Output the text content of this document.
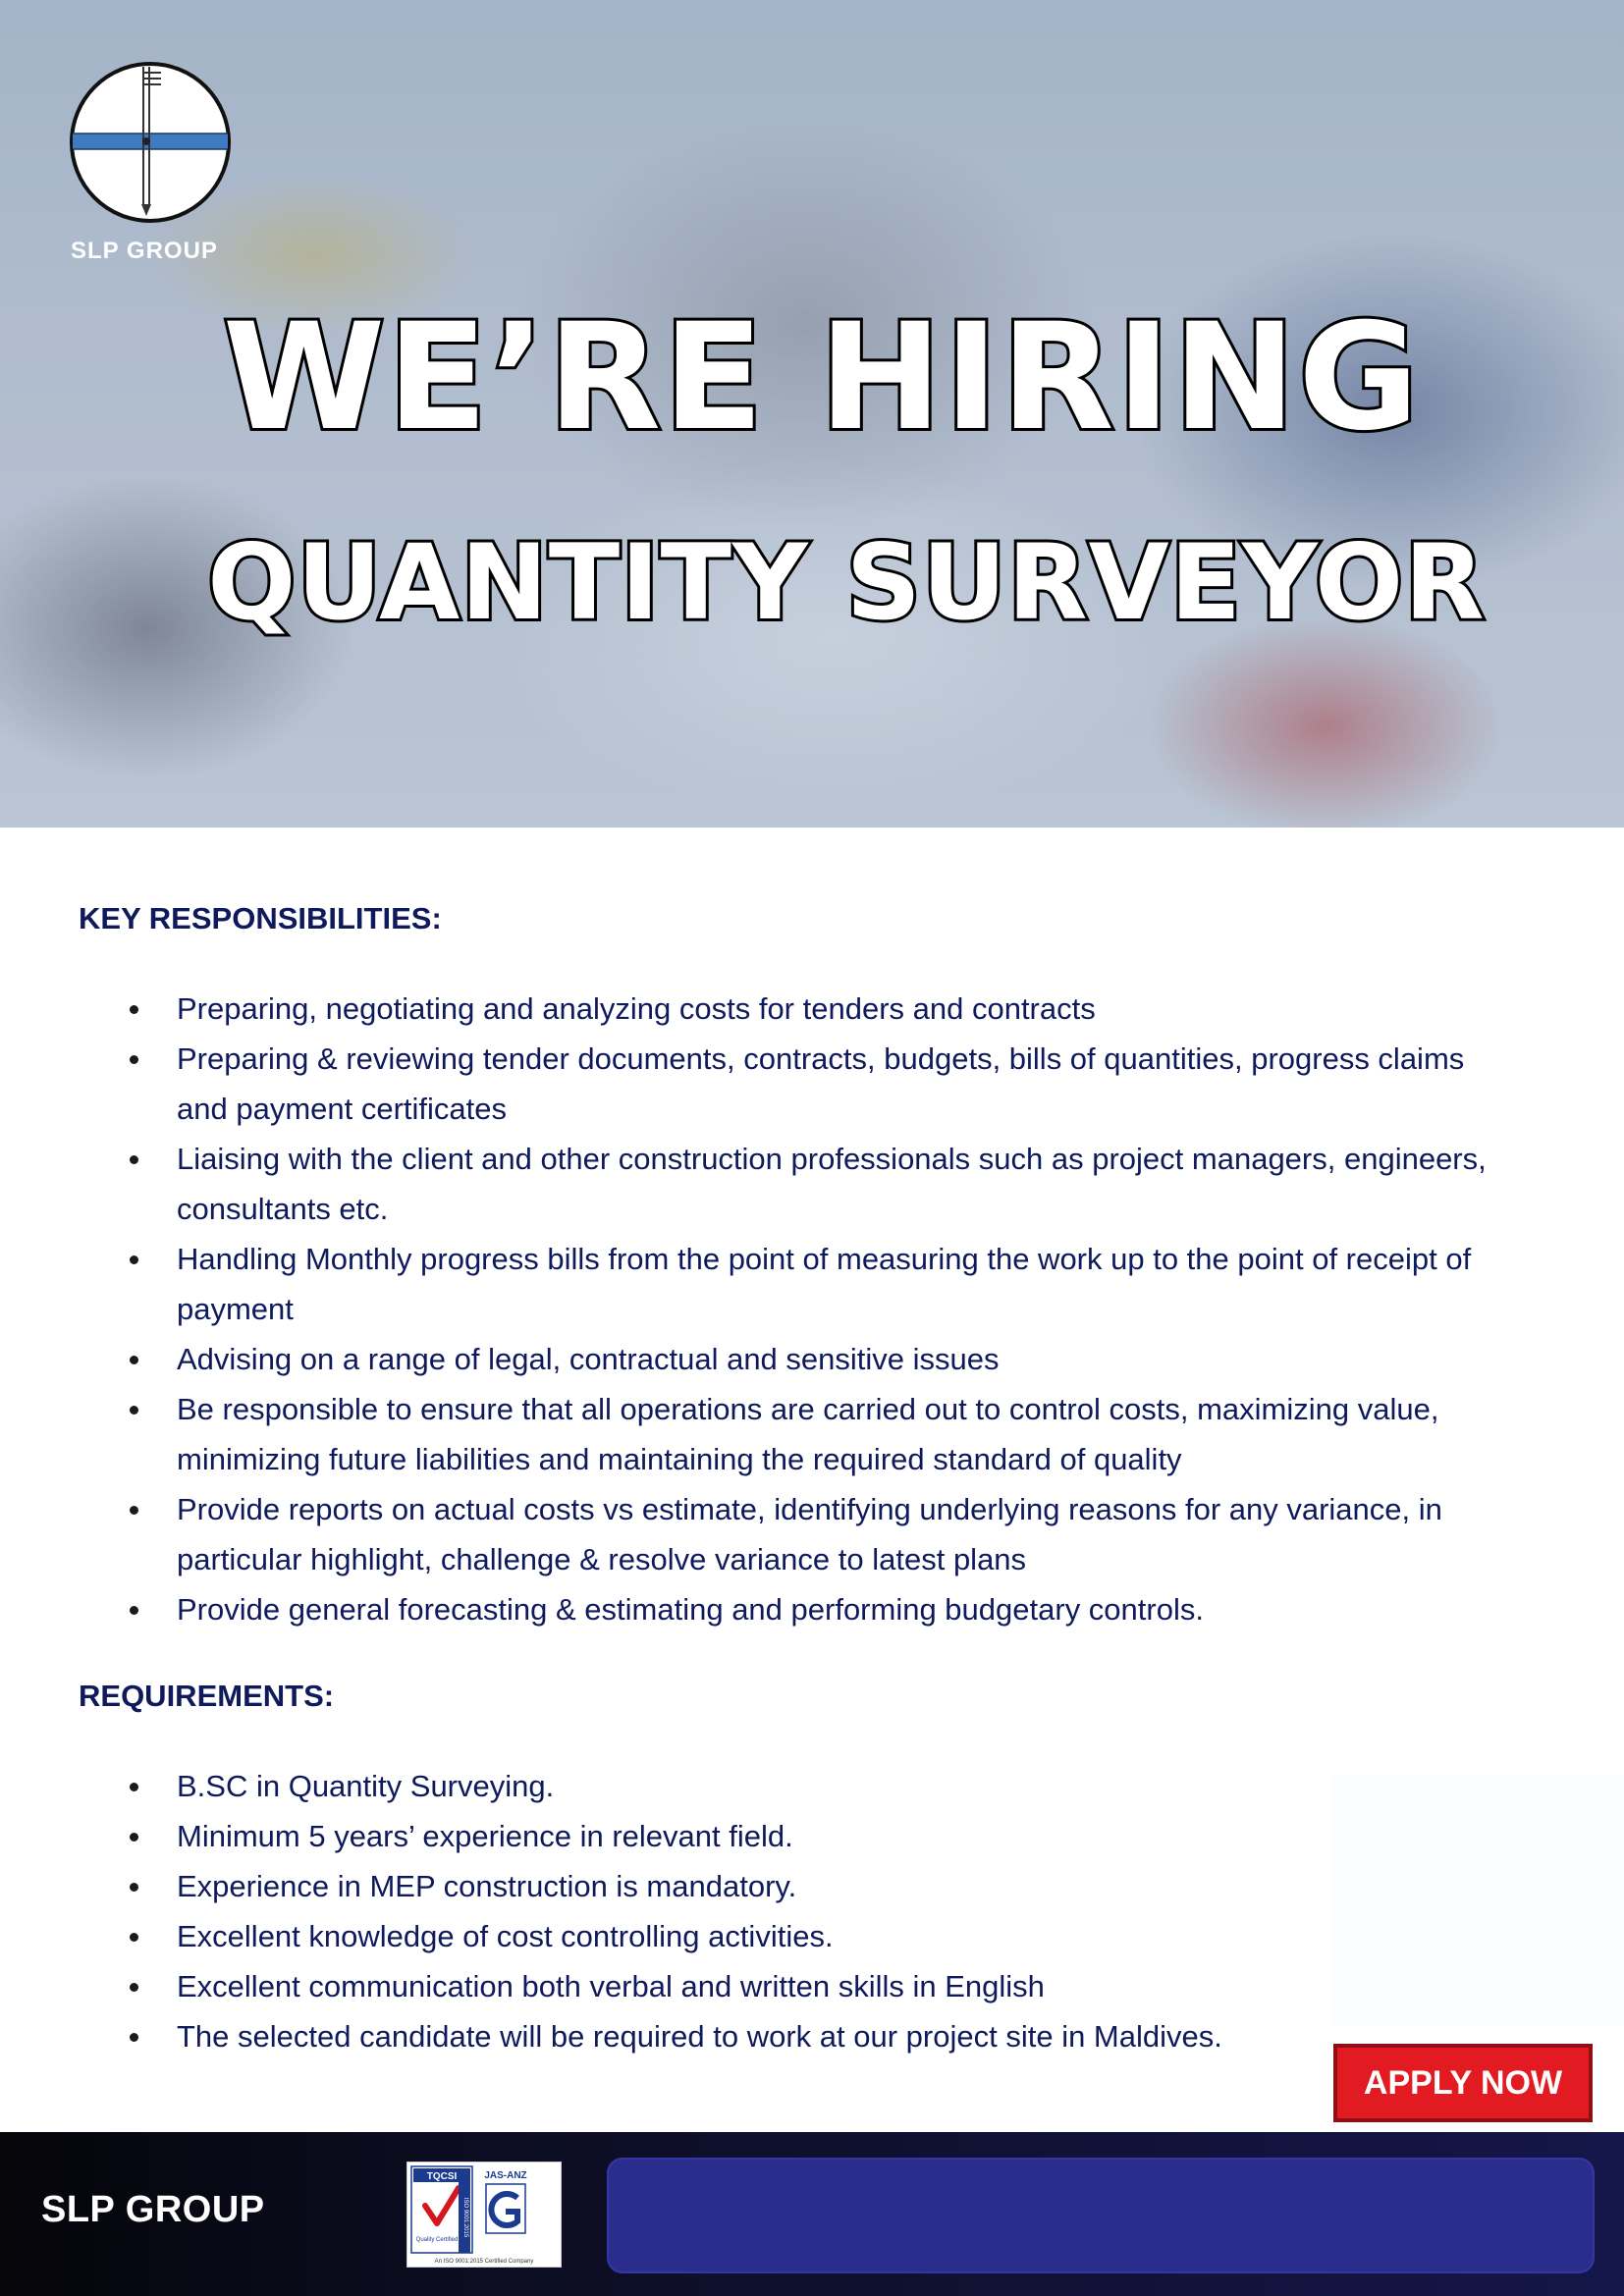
SLP GROUP
WE’RE HIRING
QUANTITY SURVEYOR
KEY RESPONSIBILITIES:
Preparing, negotiating and analyzing costs for tenders and contracts
Preparing & reviewing tender documents, contracts, budgets, bills of quantities, progress claims and payment certificates
Liaising with the client and other construction professionals such as project managers, engineers, consultants etc.
Handling Monthly progress bills from the point of measuring the work up to the point of receipt of payment
Advising on a range of legal, contractual and sensitive issues
Be responsible to ensure that all operations are carried out to control costs, maximizing value, minimizing future liabilities and maintaining the required standard of quality
Provide reports on actual costs vs estimate, identifying underlying reasons for any variance, in particular highlight, challenge & resolve variance to latest plans
Provide general forecasting & estimating and performing budgetary controls.
REQUIREMENTS:
B.SC in Quantity Surveying.
Minimum 5 years’ experience in relevant field.
Experience in MEP construction is mandatory.
Excellent knowledge of cost controlling activities.
Excellent communication both verbal and written skills in English
The selected candidate will be required to work at our project site in Maldives.
APPLY NOW
SLP GROUP
TQCSI
ISO 9001:2015
Quality Certified
JAS-ANZ
An ISO 9001:2015 Certified Company
